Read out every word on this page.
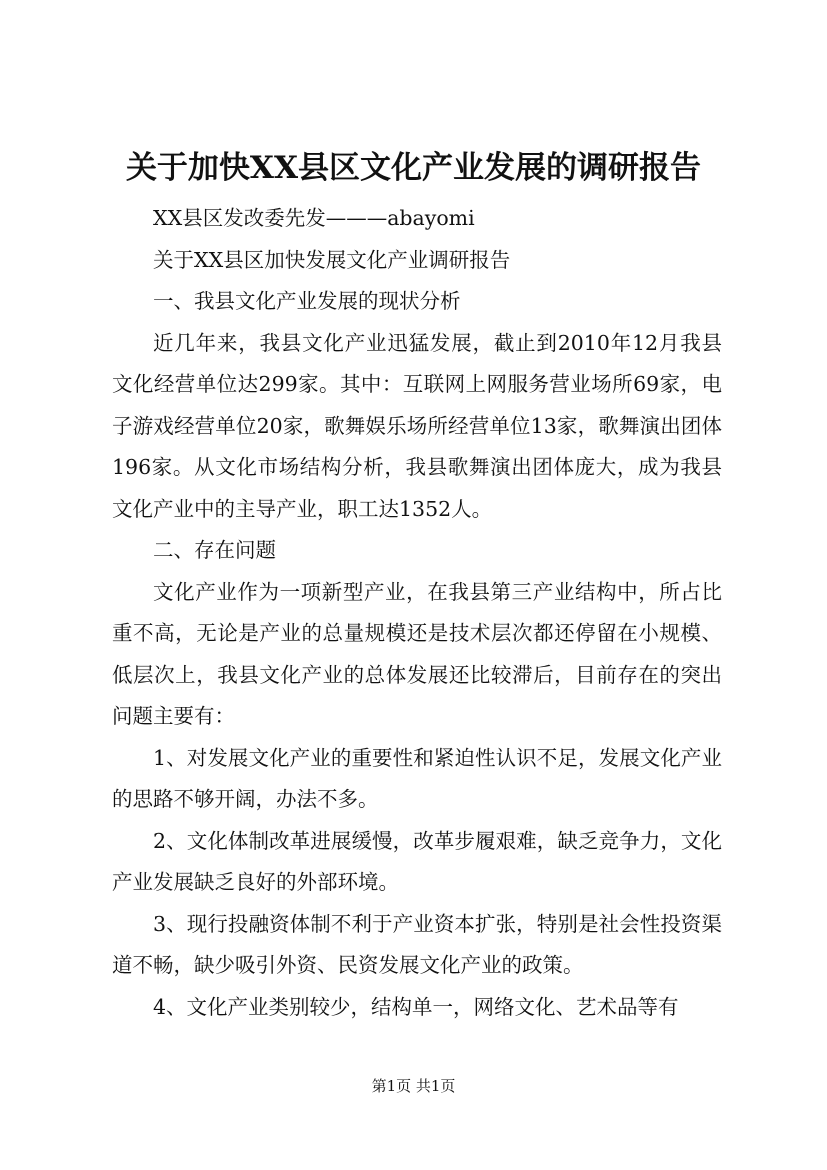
关于加快XX县区文化产业发展的调研报告

XX县区发改委先发———abayomi

关于XX县区加快发展文化产业调研报告

一、我县文化产业发展的现状分析

近几年来，我县文化产业迅猛发展，截止到2010年12月我县文化经营单位达299家。其中：互联网上网服务营业场所69家，电子游戏经营单位20家，歌舞娱乐场所经营单位13家，歌舞演出团体196家。从文化市场结构分析，我县歌舞演出团体庞大，成为我县文化产业中的主导产业，职工达1352人。

二、存在问题

文化产业作为一项新型产业，在我县第三产业结构中，所占比重不高，无论是产业的总量规模还是技术层次都还停留在小规模、低层次上，我县文化产业的总体发展还比较滞后，目前存在的突出问题主要有：

1、对发展文化产业的重要性和紧迫性认识不足，发展文化产业的思路不够开阔，办法不多。

2、文化体制改革进展缓慢，改革步履艰难，缺乏竞争力，文化产业发展缺乏良好的外部环境。

3、现行投融资体制不利于产业资本扩张，特别是社会性投资渠道不畅，缺少吸引外资、民资发展文化产业的政策。

4、文化产业类别较少，结构单一，网络文化、艺术品等有

第1页 共1页
